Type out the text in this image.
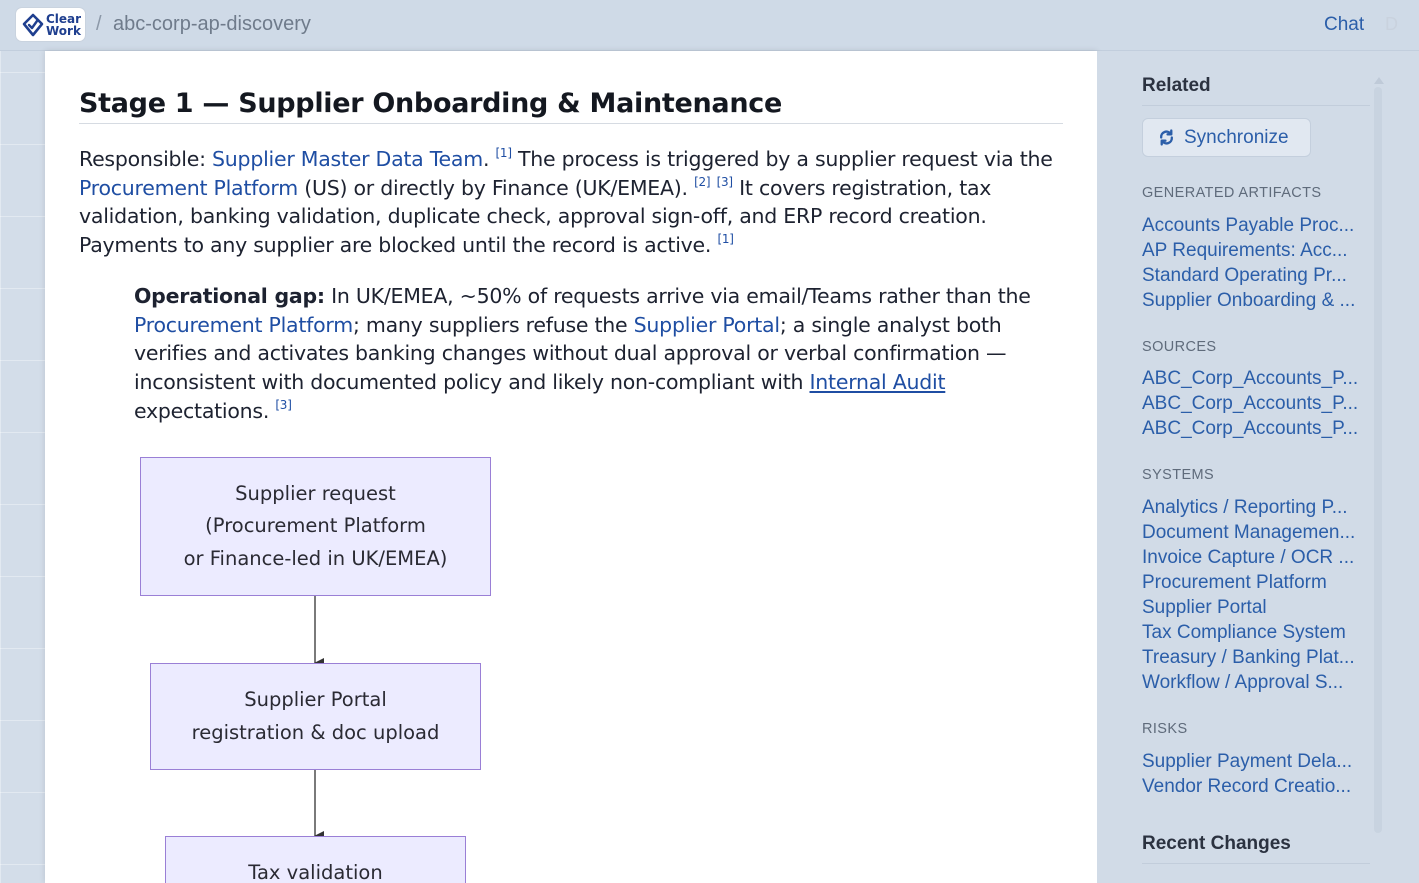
Clear
Work / abc-corp-ap-discovery	Chat D
Stage 1 — Supplier Onboarding & Maintenance

Responsible: Supplier Master Data Team. [1] The process is triggered by a supplier request via the Procurement Platform (US) or directly by Finance (UK/EMEA). [2] [3] It covers registration, tax validation, banking validation, duplicate check, approval sign-off, and ERP record creation. Payments to any supplier are blocked until the record is active. [1]

Operational gap: In UK/EMEA, ~50% of requests arrive via email/Teams rather than the Procurement Platform; many suppliers refuse the Supplier Portal; a single analyst both verifies and activates banking changes without dual approval or verbal confirmation — inconsistent with documented policy and likely non-compliant with Internal Audit expectations. [3]

Supplier request
(Procurement Platform
or Finance-led in UK/EMEA)
Supplier Portal
registration & doc upload
Tax validation
Related
Synchronize
GENERATED ARTIFACTS
Accounts Payable Proc...
AP Requirements: Acc...
Standard Operating Pr...
Supplier Onboarding & ...
SOURCES
ABC_Corp_Accounts_P...
ABC_Corp_Accounts_P...
ABC_Corp_Accounts_P...
SYSTEMS
Analytics / Reporting P...
Document Managemen...
Invoice Capture / OCR ...
Procurement Platform
Supplier Portal
Tax Compliance System
Treasury / Banking Plat...
Workflow / Approval S...
RISKS
Supplier Payment Dela...
Vendor Record Creatio...
Recent Changes
